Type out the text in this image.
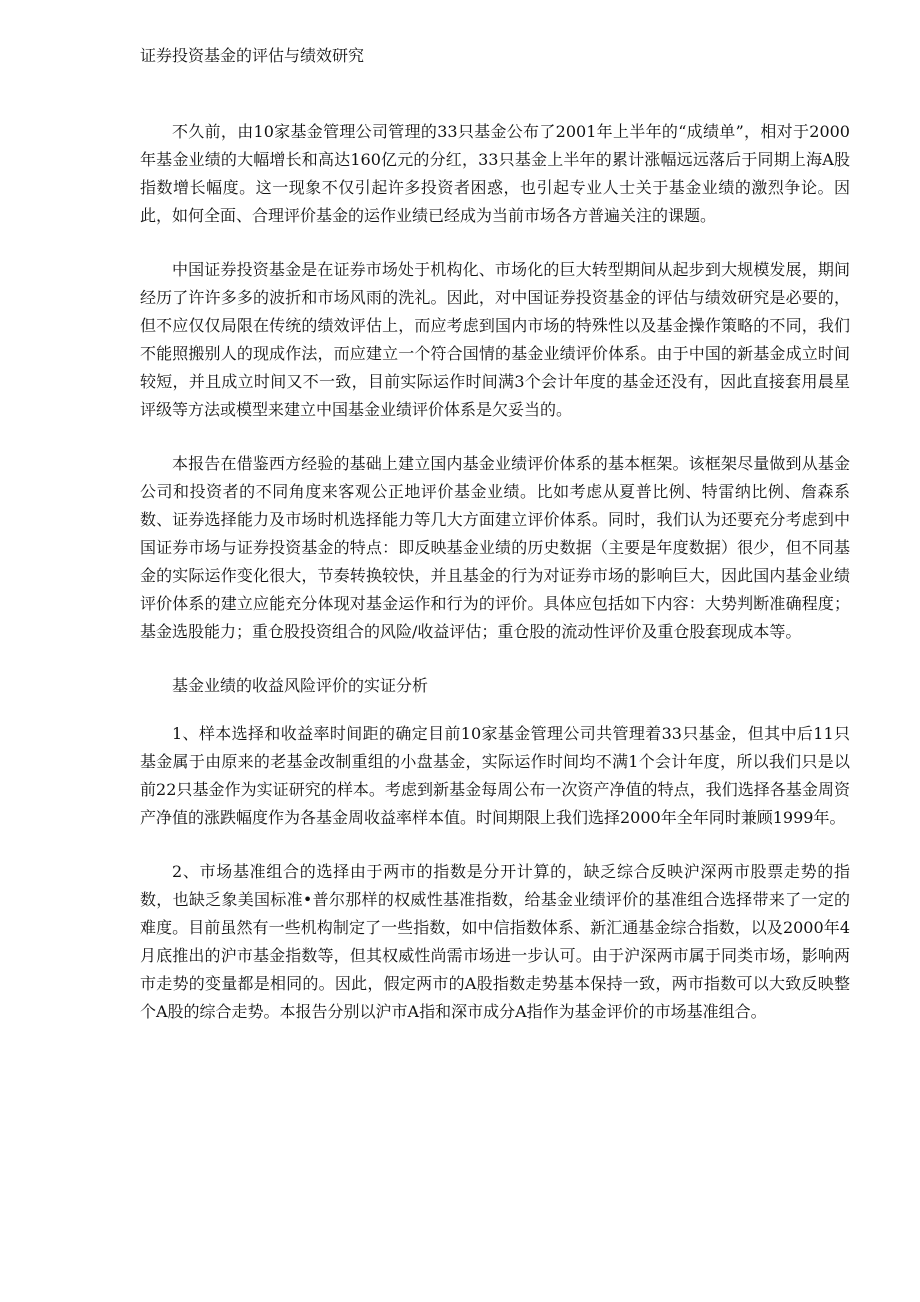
证券投资基金的评估与绩效研究

不久前，由10家基金管理公司管理的33只基金公布了2001年上半年的“成绩单”，相对于2000年基金业绩的大幅增长和高达160亿元的分红，33只基金上半年的累计涨幅远远落后于同期上海A股指数增长幅度。这一现象不仅引起许多投资者困惑，也引起专业人士关于基金业绩的激烈争论。因此，如何全面、合理评价基金的运作业绩已经成为当前市场各方普遍关注的课题。

中国证券投资基金是在证券市场处于机构化、市场化的巨大转型期间从起步到大规模发展，期间经历了许许多多的波折和市场风雨的洗礼。因此，对中国证券投资基金的评估与绩效研究是必要的，但不应仅仅局限在传统的绩效评估上，而应考虑到国内市场的特殊性以及基金操作策略的不同，我们不能照搬别人的现成作法，而应建立一个符合国情的基金业绩评价体系。由于中国的新基金成立时间较短，并且成立时间又不一致，目前实际运作时间满3个会计年度的基金还没有，因此直接套用晨星评级等方法或模型来建立中国基金业绩评价体系是欠妥当的。

本报告在借鉴西方经验的基础上建立国内基金业绩评价体系的基本框架。该框架尽量做到从基金公司和投资者的不同角度来客观公正地评价基金业绩。比如考虑从夏普比例、特雷纳比例、詹森系数、证券选择能力及市场时机选择能力等几大方面建立评价体系。同时，我们认为还要充分考虑到中国证券市场与证券投资基金的特点：即反映基金业绩的历史数据（主要是年度数据）很少，但不同基金的实际运作变化很大，节奏转换较快，并且基金的行为对证券市场的影响巨大，因此国内基金业绩评价体系的建立应能充分体现对基金运作和行为的评价。具体应包括如下内容：大势判断准确程度；基金选股能力；重仓股投资组合的风险/收益评估；重仓股的流动性评价及重仓股套现成本等。

基金业绩的收益风险评价的实证分析

1、样本选择和收益率时间距的确定目前10家基金管理公司共管理着33只基金，但其中后11只基金属于由原来的老基金改制重组的小盘基金，实际运作时间均不满1个会计年度，所以我们只是以前22只基金作为实证研究的样本。考虑到新基金每周公布一次资产净值的特点，我们选择各基金周资产净值的涨跌幅度作为各基金周收益率样本值。时间期限上我们选择2000年全年同时兼顾1999年。

2、市场基准组合的选择由于两市的指数是分开计算的，缺乏综合反映沪深两市股票走势的指数，也缺乏象美国标准•普尔那样的权威性基准指数，给基金业绩评价的基准组合选择带来了一定的难度。目前虽然有一些机构制定了一些指数，如中信指数体系、新汇通基金综合指数，以及2000年4月底推出的沪市基金指数等，但其权威性尚需市场进一步认可。由于沪深两市属于同类市场，影响两市走势的变量都是相同的。因此，假定两市的A股指数走势基本保持一致，两市指数可以大致反映整个A股的综合走势。本报告分别以沪市A指和深市成分A指作为基金评价的市场基准组合。
